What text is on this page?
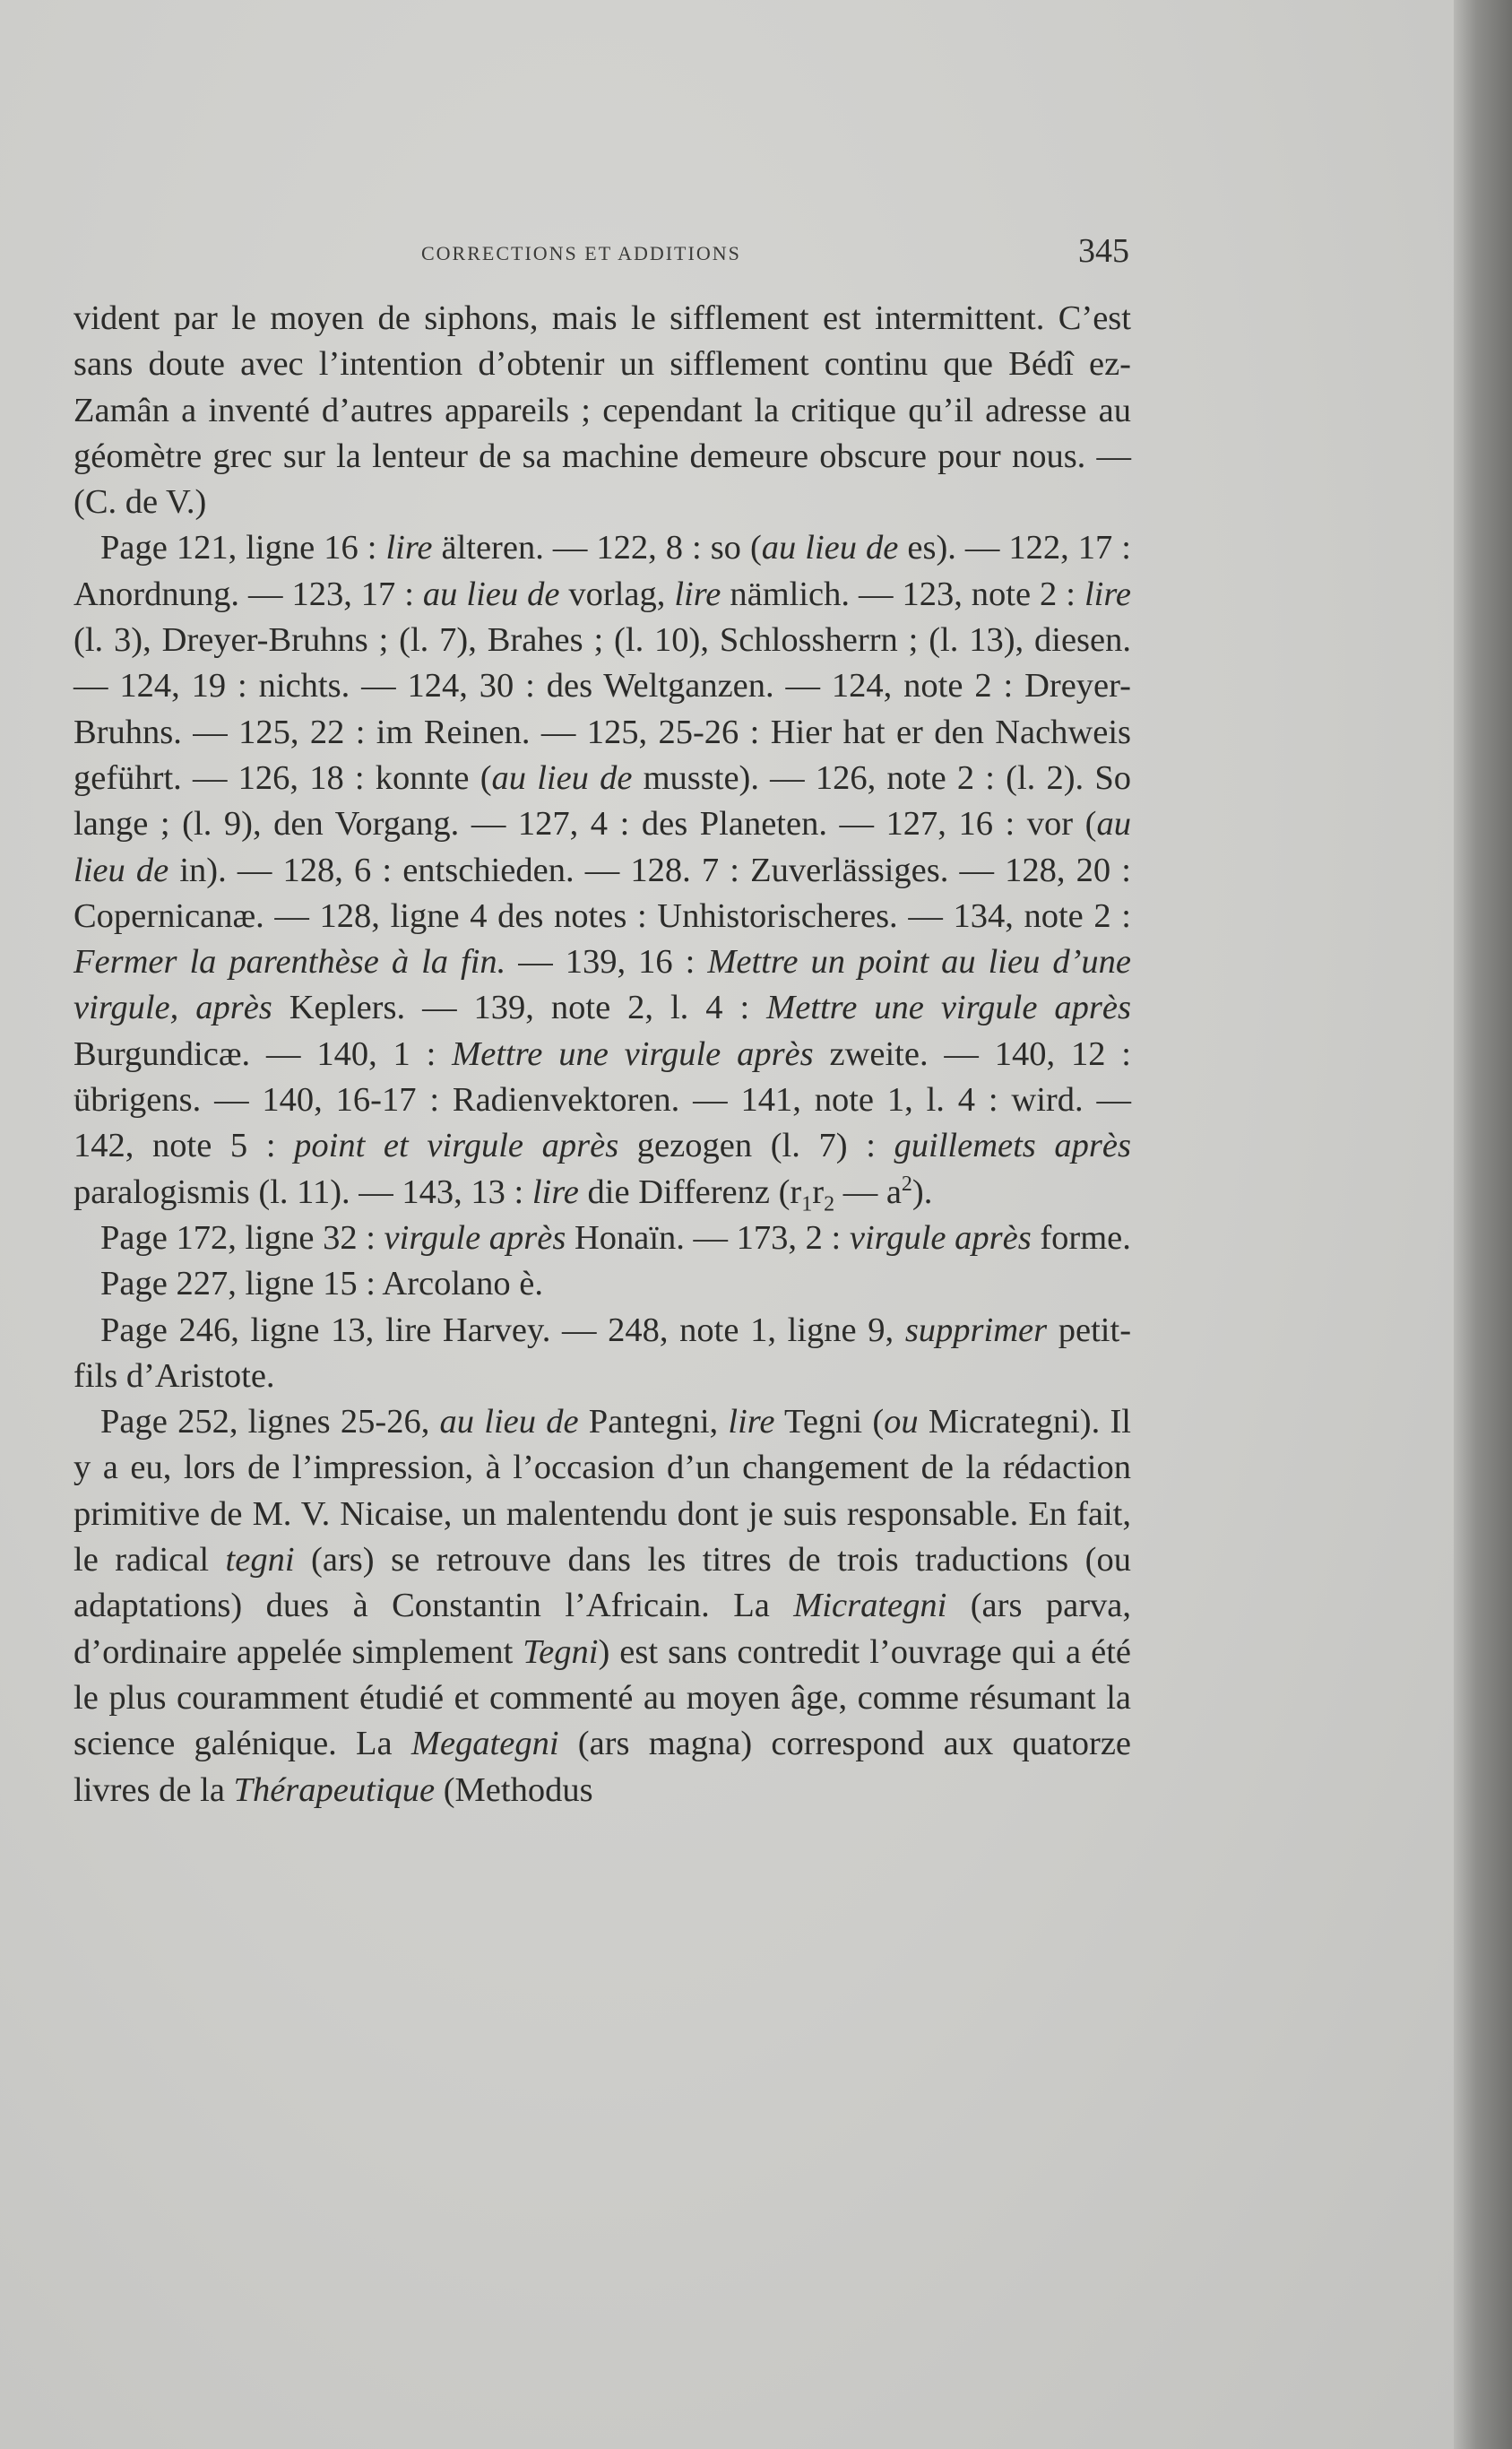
CORRECTIONS ET ADDITIONS	345

vident par le moyen de siphons, mais le sifflement est intermittent. C’est sans doute avec l’intention d’obtenir un sifflement continu que Bédî ez-Zamân a inventé d’autres appareils ; cependant la critique qu’il adresse au géomètre grec sur la lenteur de sa machine demeure obscure pour nous. — (C. de V.)

Page 121, ligne 16 : lire älteren. — 122, 8 : so (au lieu de es). — 122, 17 : Anordnung. — 123, 17 : au lieu de vorlag, lire nämlich. — 123, note 2 : lire (l. 3), Dreyer-Bruhns ; (l. 7), Brahes ; (l. 10), Schlossherrn ; (l. 13), diesen. — 124, 19 : nichts. — 124, 30 : des Weltganzen. — 124, note 2 : Dreyer-Bruhns. — 125, 22 : im Reinen. — 125, 25-26 : Hier hat er den Nachweis geführt. — 126, 18 : konnte (au lieu de musste). — 126, note 2 : (l. 2). So lange ; (l. 9), den Vorgang. — 127, 4 : des Planeten. — 127, 16 : vor (au lieu de in). — 128, 6 : entschieden. — 128. 7 : Zuverlässiges. — 128, 20 : Copernicanæ. — 128, ligne 4 des notes : Unhistorischeres. — 134, note 2 : Fermer la parenthèse à la fin. — 139, 16 : Mettre un point au lieu d’une virgule, après Keplers. — 139, note 2, l. 4 : Mettre une virgule après Burgundicæ. — 140, 1 : Mettre une virgule après zweite. — 140, 12 : übrigens. — 140, 16-17 : Radienvektoren. — 141, note 1, l. 4 : wird. — 142, note 5 : point et virgule après gezogen (l. 7) : guillemets après paralogismis (l. 11). — 143, 13 : lire die Differenz ($r_1r_2$ — $a^2$).

Page 172, ligne 32 : virgule après Honaïn. — 173, 2 : virgule après forme.

Page 227, ligne 15 : Arcolano è.

Page 246, ligne 13, lire Harvey. — 248, note 1, ligne 9, supprimer petit-fils d’Aristote.

Page 252, lignes 25-26, au lieu de Pantegni, lire Tegni (ou Micrategni). Il y a eu, lors de l’impression, à l’occasion d’un changement de la rédaction primitive de M. V. Nicaise, un malentendu dont je suis responsable. En fait, le radical tegni (ars) se retrouve dans les titres de trois traductions (ou adaptations) dues à Constantin l’Africain. La Micrategni (ars parva, d’ordinaire appelée simplement Tegni) est sans contredit l’ouvrage qui a été le plus couramment étudié et commenté au moyen âge, comme résumant la science galénique. La Megategni (ars magna) correspond aux quatorze livres de la Thérapeutique (Methodus
